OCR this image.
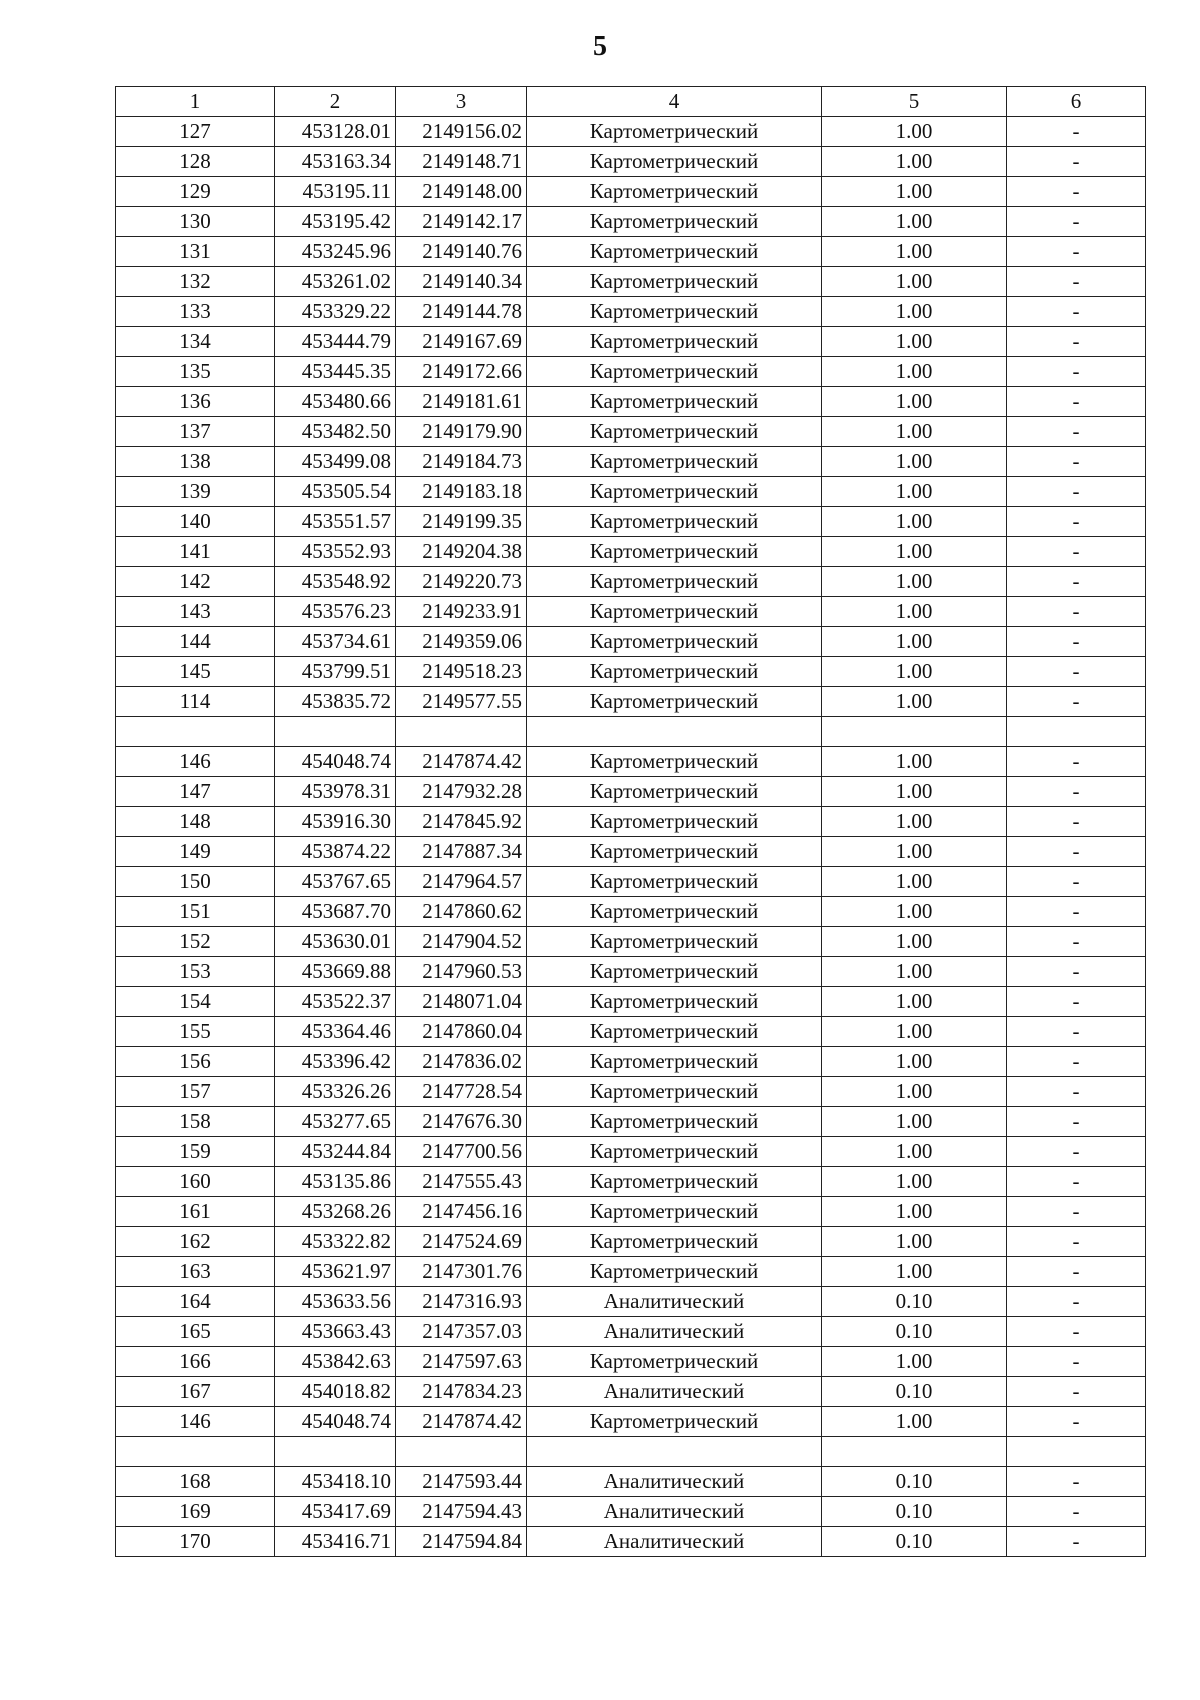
5
1	2	3	4	5	6
127	453128.01	2149156.02	Картометрический	1.00	-
128	453163.34	2149148.71	Картометрический	1.00	-
129	453195.11	2149148.00	Картометрический	1.00	-
130	453195.42	2149142.17	Картометрический	1.00	-
131	453245.96	2149140.76	Картометрический	1.00	-
132	453261.02	2149140.34	Картометрический	1.00	-
133	453329.22	2149144.78	Картометрический	1.00	-
134	453444.79	2149167.69	Картометрический	1.00	-
135	453445.35	2149172.66	Картометрический	1.00	-
136	453480.66	2149181.61	Картометрический	1.00	-
137	453482.50	2149179.90	Картометрический	1.00	-
138	453499.08	2149184.73	Картометрический	1.00	-
139	453505.54	2149183.18	Картометрический	1.00	-
140	453551.57	2149199.35	Картометрический	1.00	-
141	453552.93	2149204.38	Картометрический	1.00	-
142	453548.92	2149220.73	Картометрический	1.00	-
143	453576.23	2149233.91	Картометрический	1.00	-
144	453734.61	2149359.06	Картометрический	1.00	-
145	453799.51	2149518.23	Картометрический	1.00	-
114	453835.72	2149577.55	Картометрический	1.00	-

146	454048.74	2147874.42	Картометрический	1.00	-
147	453978.31	2147932.28	Картометрический	1.00	-
148	453916.30	2147845.92	Картометрический	1.00	-
149	453874.22	2147887.34	Картометрический	1.00	-
150	453767.65	2147964.57	Картометрический	1.00	-
151	453687.70	2147860.62	Картометрический	1.00	-
152	453630.01	2147904.52	Картометрический	1.00	-
153	453669.88	2147960.53	Картометрический	1.00	-
154	453522.37	2148071.04	Картометрический	1.00	-
155	453364.46	2147860.04	Картометрический	1.00	-
156	453396.42	2147836.02	Картометрический	1.00	-
157	453326.26	2147728.54	Картометрический	1.00	-
158	453277.65	2147676.30	Картометрический	1.00	-
159	453244.84	2147700.56	Картометрический	1.00	-
160	453135.86	2147555.43	Картометрический	1.00	-
161	453268.26	2147456.16	Картометрический	1.00	-
162	453322.82	2147524.69	Картометрический	1.00	-
163	453621.97	2147301.76	Картометрический	1.00	-
164	453633.56	2147316.93	Аналитический	0.10	-
165	453663.43	2147357.03	Аналитический	0.10	-
166	453842.63	2147597.63	Картометрический	1.00	-
167	454018.82	2147834.23	Аналитический	0.10	-
146	454048.74	2147874.42	Картометрический	1.00	-

168	453418.10	2147593.44	Аналитический	0.10	-
169	453417.69	2147594.43	Аналитический	0.10	-
170	453416.71	2147594.84	Аналитический	0.10	-
